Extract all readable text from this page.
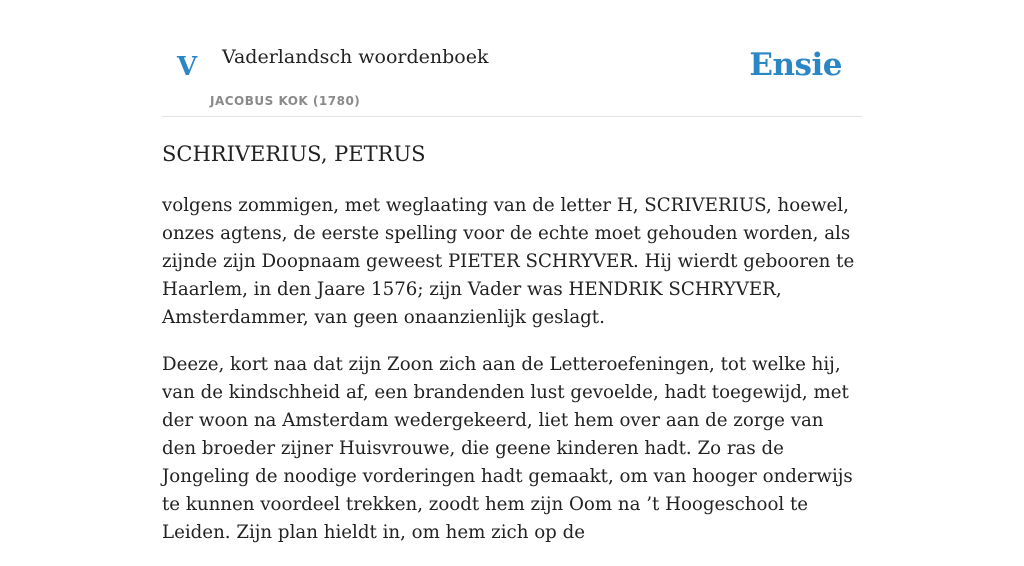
V Vaderlandsch woordenboek
JACOBUS KOK (1780)
Ensie
SCHRIVERIUS, PETRUS

volgens zommigen, met weglaating van de letter H, SCRIVERIUS, hoewel, onzes agtens, de eerste spelling voor de echte moet gehouden worden, als zijnde zijn Doopnaam geweest PIETER SCHRYVER. Hij wierdt gebooren te Haarlem, in den Jaare 1576; zijn Vader was HENDRIK SCHRYVER, Amsterdammer, van geen onaanzienlijk geslagt.

Deeze, kort naa dat zijn Zoon zich aan de Letteroefeningen, tot welke hij, van de kindschheid af, een brandenden lust gevoelde, hadt toegewijd, met der woon na Amsterdam wedergekeerd, liet hem over aan de zorge van den broeder zijner Huisvrouwe, die geene kinderen hadt. Zo ras de Jongeling de noodige vorderingen hadt gemaakt, om van hooger onderwijs te kunnen voordeel trekken, zoodt hem zijn Oom na ’t Hoogeschool te Leiden. Zijn plan hieldt in, om hem zich op de
